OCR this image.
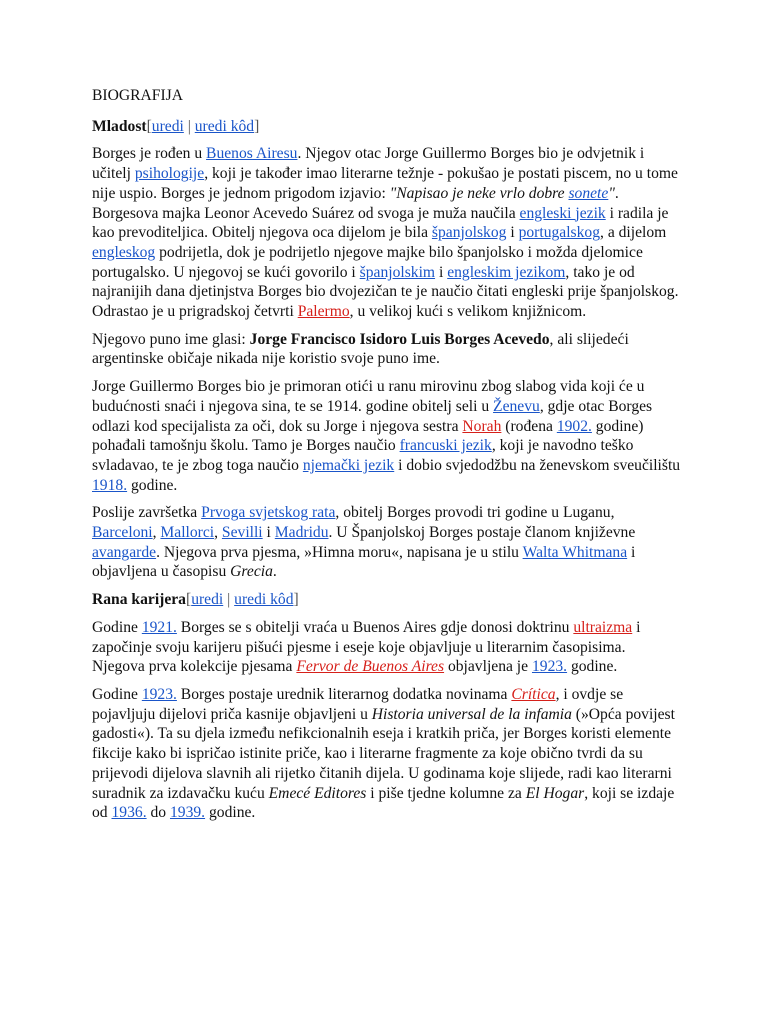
BIOGRAFIJA

Mladost[uredi | uredi kôd]

Borges je rođen u Buenos Airesu. Njegov otac Jorge Guillermo Borges bio je odvjetnik i učitelj psihologije, koji je također imao literarne težnje - pokušao je postati piscem, no u tome nije uspio. Borges je jednom prigodom izjavio: "Napisao je neke vrlo dobre sonete". Borgesova majka Leonor Acevedo Suárez od svoga je muža naučila engleski jezik i radila je kao prevoditeljica. Obitelj njegova oca dijelom je bila španjolskog i portugalskog, a dijelom engleskog podrijetla, dok je podrijetlo njegove majke bilo španjolsko i možda djelomice portugalsko. U njegovoj se kući govorilo i španjolskim i engleskim jezikom, tako je od najranijih dana djetinjstva Borges bio dvojezičan te je naučio čitati engleski prije španjolskog. Odrastao je u prigradskoj četvrti Palermo, u velikoj kući s velikom knjižnicom.

Njegovo puno ime glasi: Jorge Francisco Isidoro Luis Borges Acevedo, ali slijedeći argentinske običaje nikada nije koristio svoje puno ime.

Jorge Guillermo Borges bio je primoran otići u ranu mirovinu zbog slabog vida koji će u budućnosti snaći i njegova sina, te se 1914. godine obitelj seli u Ženevu, gdje otac Borges odlazi kod specijalista za oči, dok su Jorge i njegova sestra Norah (rođena 1902. godine) pohađali tamošnju školu. Tamo je Borges naučio francuski jezik, koji je navodno teško svladavao, te je zbog toga naučio njemački jezik i dobio svjedodžbu na ženevskom sveučilištu 1918. godine.

Poslije završetka Prvoga svjetskog rata, obitelj Borges provodi tri godine u Luganu, Barceloni, Mallorci, Sevilli i Madridu. U Španjolskoj Borges postaje članom književne avangarde. Njegova prva pjesma, »Himna moru«, napisana je u stilu Walta Whitmana i objavljena u časopisu Grecia.

Rana karijera[uredi | uredi kôd]

Godine 1921. Borges se s obitelji vraća u Buenos Aires gdje donosi doktrinu ultraizma i započinje svoju karijeru pišući pjesme i eseje koje objavljuje u literarnim časopisima. Njegova prva kolekcije pjesama Fervor de Buenos Aires objavljena je 1923. godine.

Godine 1923. Borges postaje urednik literarnog dodatka novinama Crítica, i ovdje se pojavljuju dijelovi priča kasnije objavljeni u Historia universal de la infamia (»Opća povijest gadosti«). Ta su djela između nefikcionalnih eseja i kratkih priča, jer Borges koristi elemente fikcije kako bi ispričao istinite priče, kao i literarne fragmente za koje obično tvrdi da su prijevodi dijelova slavnih ali rijetko čitanih dijela. U godinama koje slijede, radi kao literarni suradnik za izdavačku kuću Emecé Editores i piše tjedne kolumne za El Hogar, koji se izdaje od 1936. do 1939. godine.
